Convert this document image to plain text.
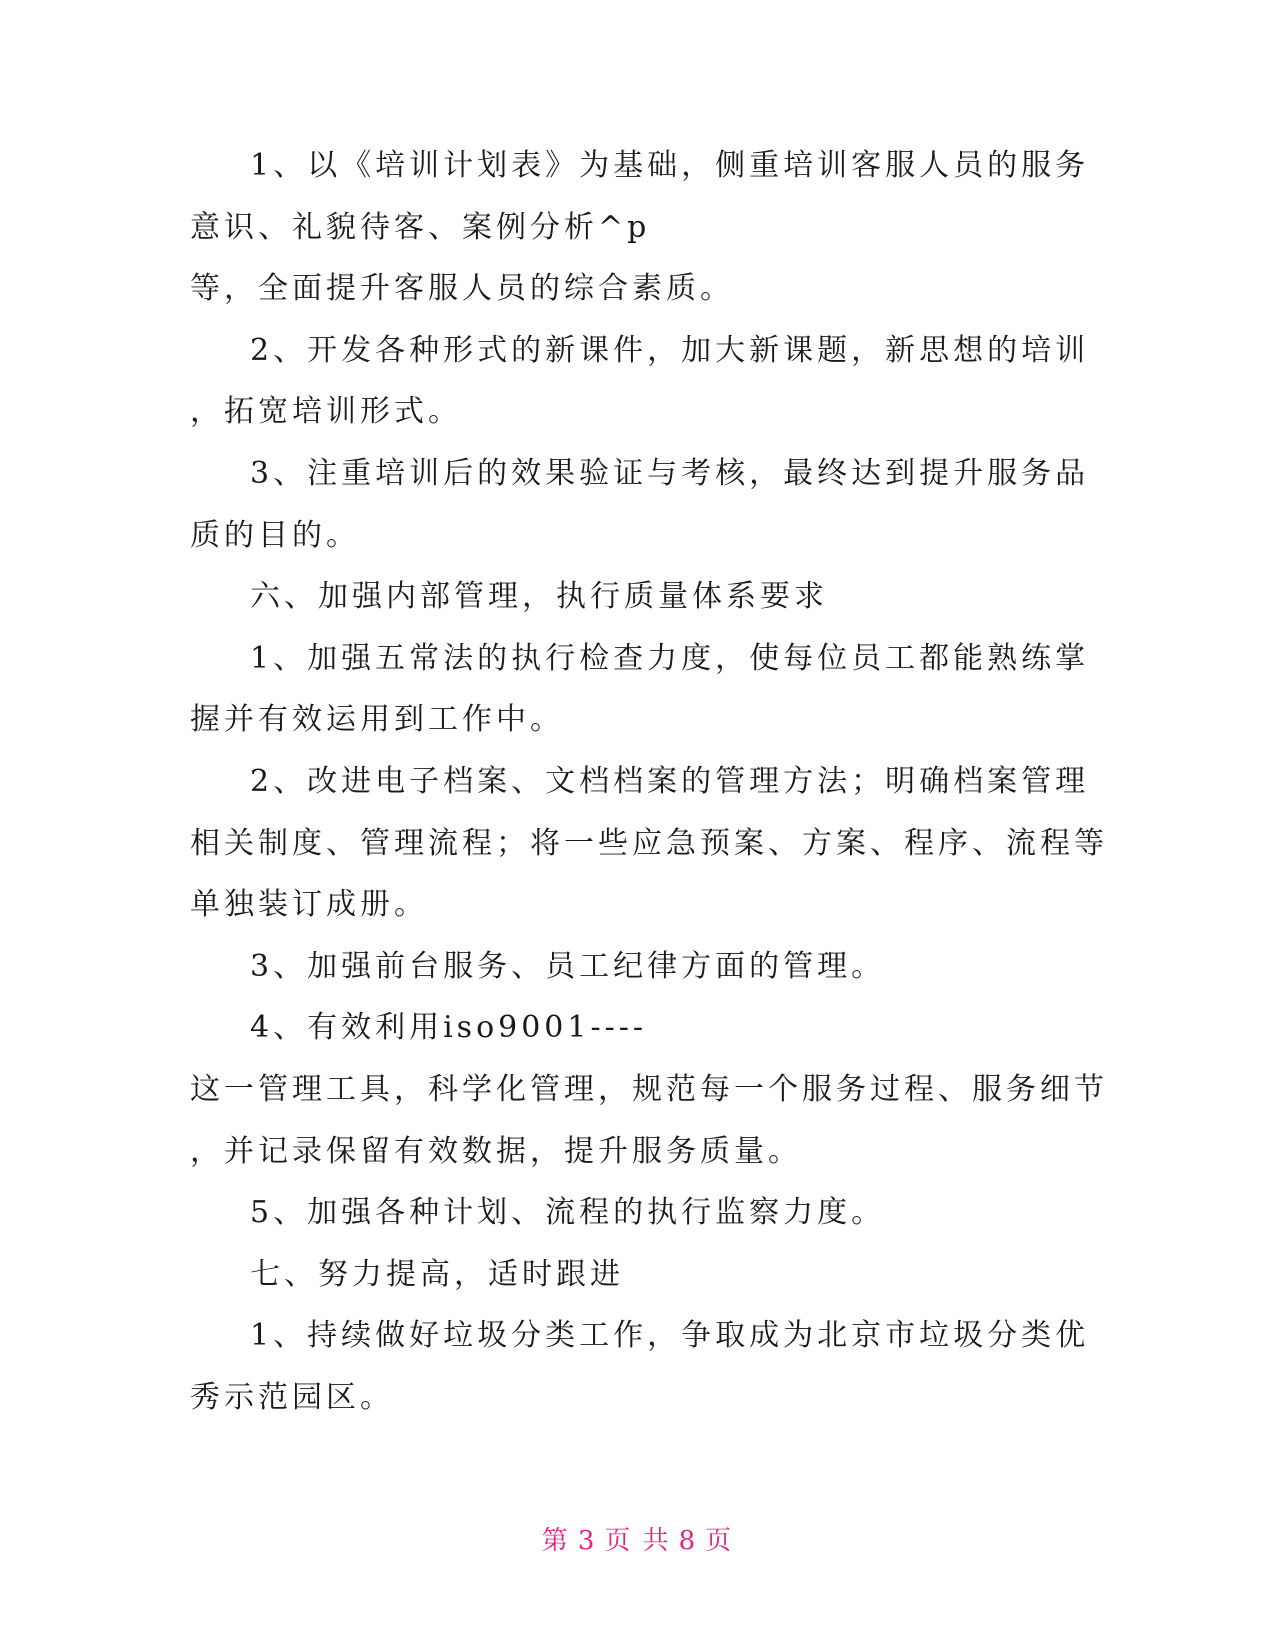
1、以《培训计划表》为基础，侧重培训客服人员的服务

意识、礼貌待客、案例分析^p

等，全面提升客服人员的综合素质。

2、开发各种形式的新课件，加大新课题，新思想的培训

，拓宽培训形式。

3、注重培训后的效果验证与考核，最终达到提升服务品

质的目的。

六、加强内部管理，执行质量体系要求

1、加强五常法的执行检查力度，使每位员工都能熟练掌

握并有效运用到工作中。

2、改进电子档案、文档档案的管理方法；明确档案管理

相关制度、管理流程；将一些应急预案、方案、程序、流程等

单独装订成册。

3、加强前台服务、员工纪律方面的管理。

4、有效利用iso9001----

这一管理工具，科学化管理，规范每一个服务过程、服务细节

，并记录保留有效数据，提升服务质量。

5、加强各种计划、流程的执行监察力度。

七、努力提高，适时跟进

1、持续做好垃圾分类工作，争取成为北京市垃圾分类优

秀示范园区。

第 3 页 共 8 页
